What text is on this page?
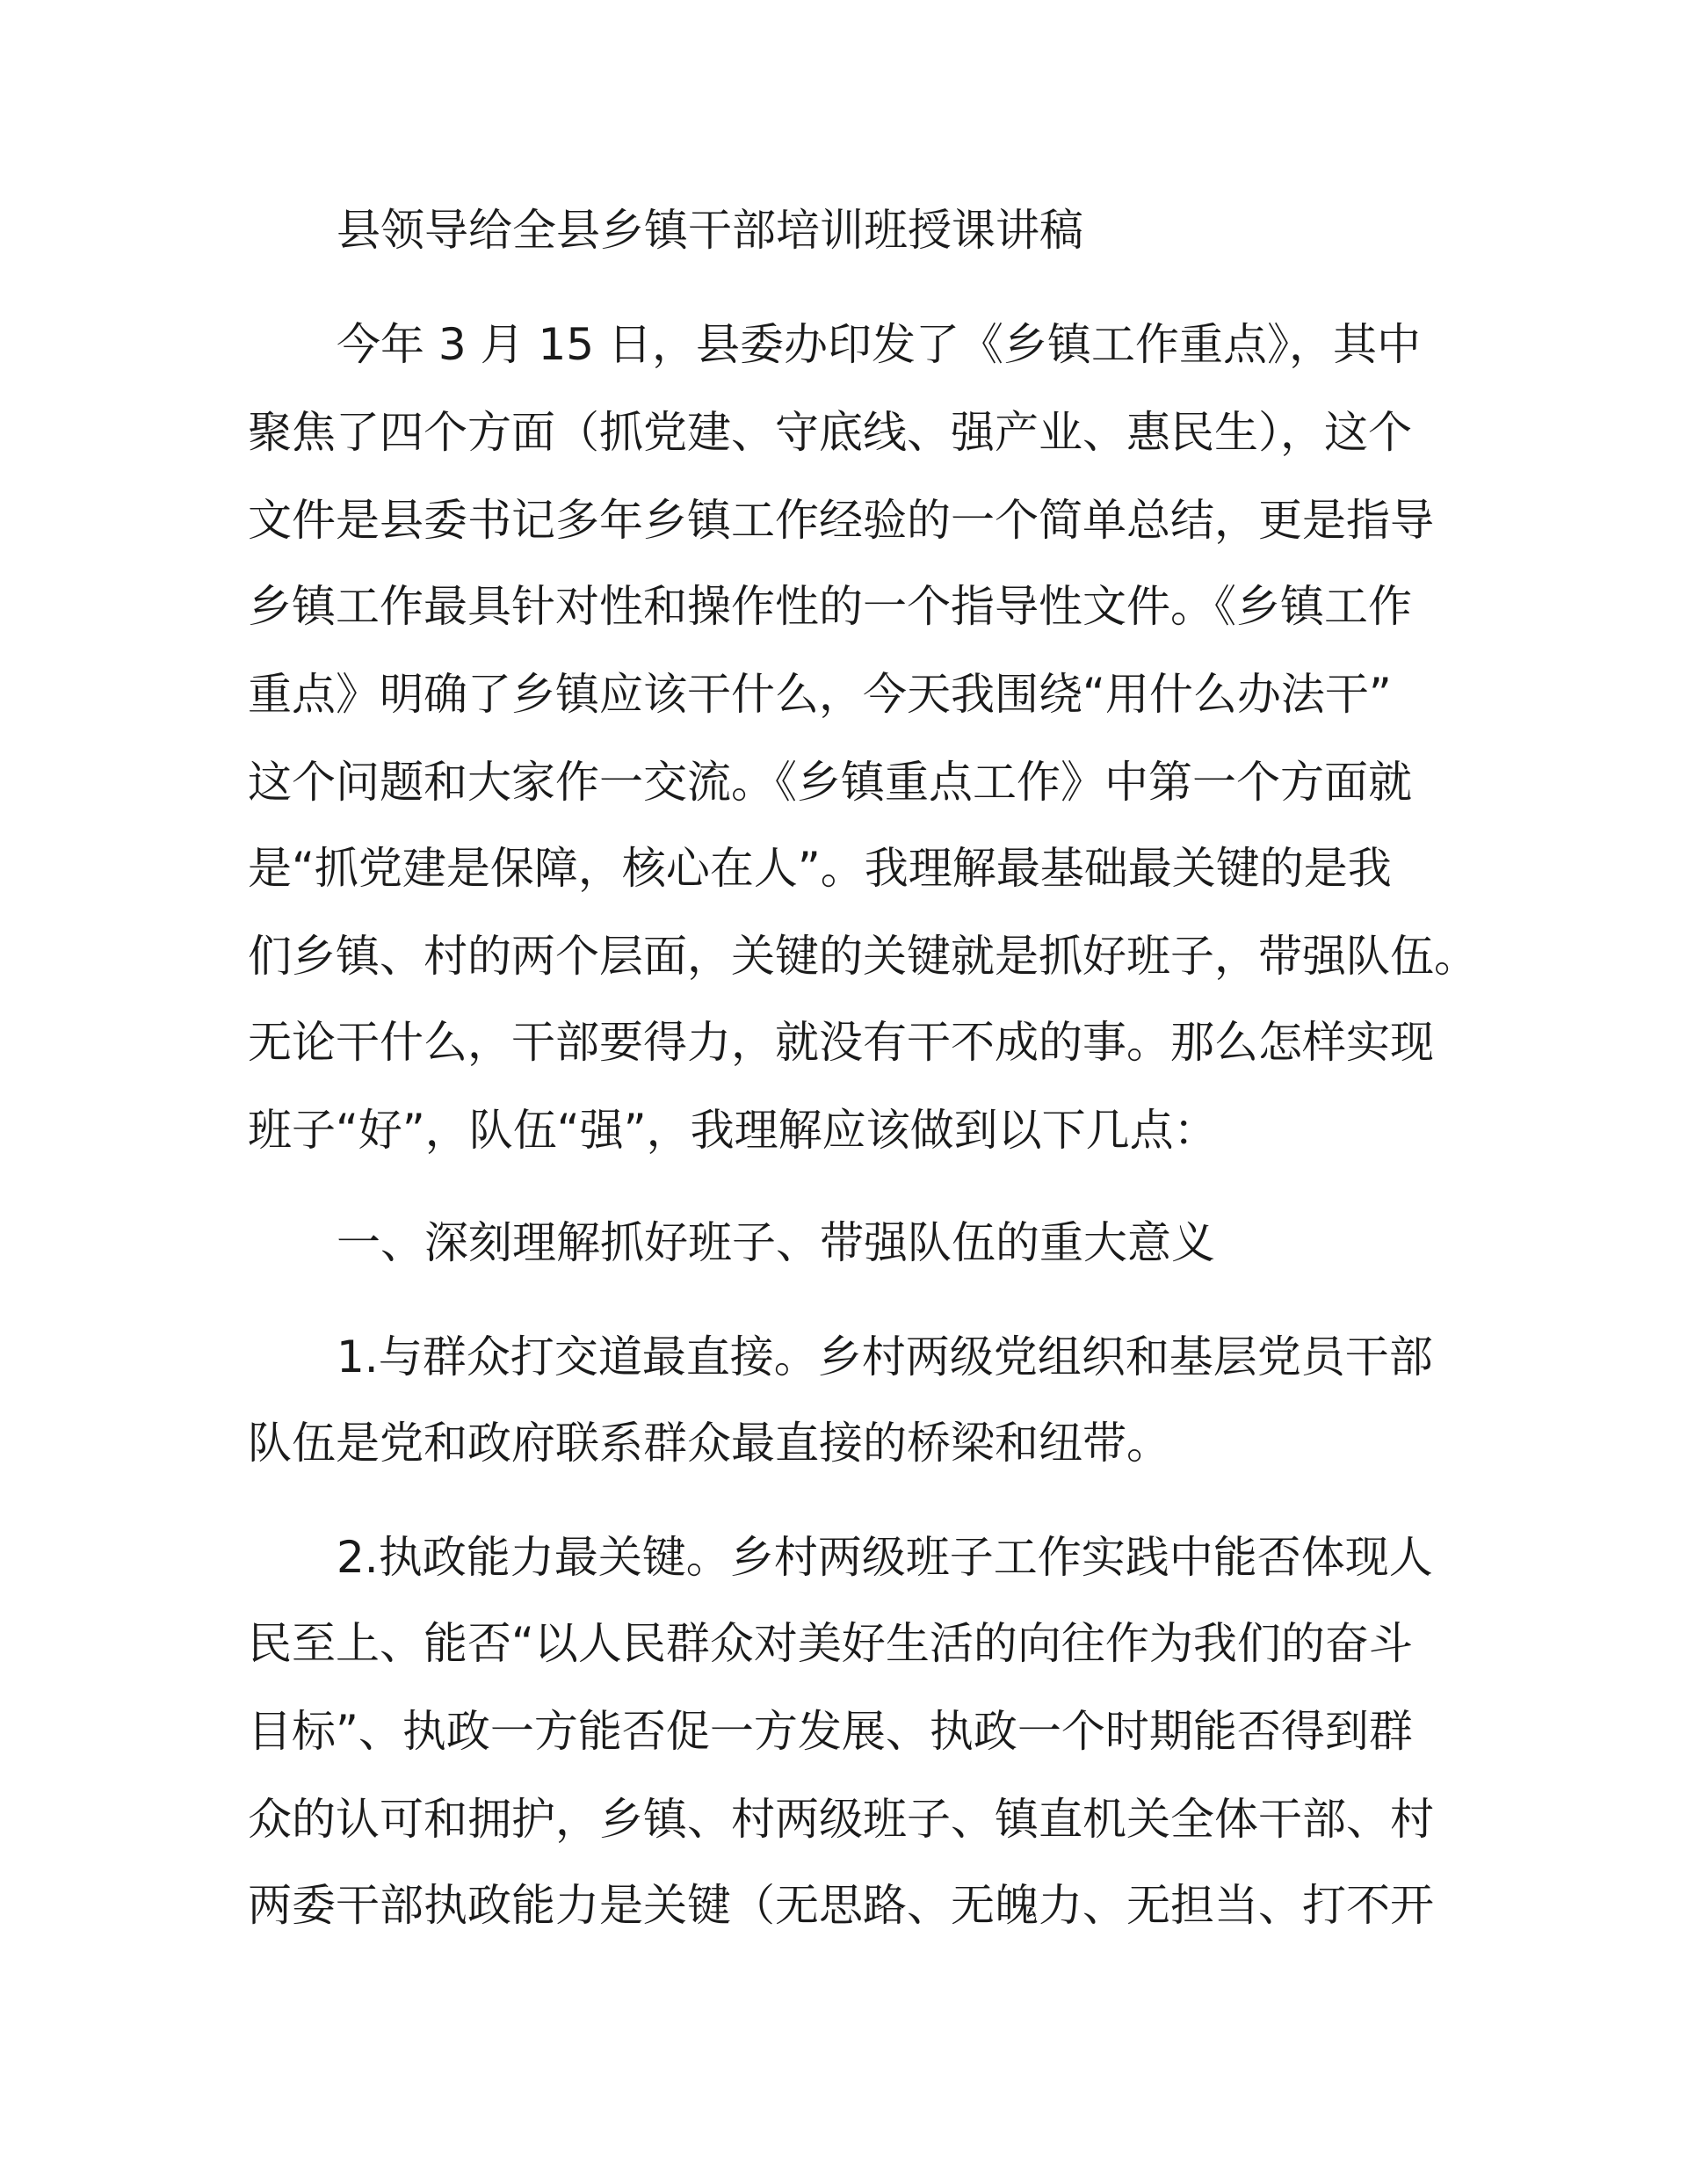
县领导给全县乡镇干部培训班授课讲稿
今年 3 月 15 日，县委办印发了《乡镇工作重点》，其中
聚焦了四个方面（抓党建、守底线、强产业、惠民生），这个
文件是县委书记多年乡镇工作经验的一个简单总结，更是指导
乡镇工作最具针对性和操作性的一个指导性文件。《乡镇工作
重点》明确了乡镇应该干什么，今天我围绕“用什么办法干”
这个问题和大家作一交流。《乡镇重点工作》中第一个方面就
是“抓党建是保障，核心在人”。我理解最基础最关键的是我
们乡镇、村的两个层面，关键的关键就是抓好班子，带强队伍。
无论干什么，干部要得力，就没有干不成的事。那么怎样实现
班子“好”，队伍“强”，我理解应该做到以下几点：
一、深刻理解抓好班子、带强队伍的重大意义
1.与群众打交道最直接。乡村两级党组织和基层党员干部
队伍是党和政府联系群众最直接的桥梁和纽带。
2.执政能力最关键。乡村两级班子工作实践中能否体现人
民至上、能否“以人民群众对美好生活的向往作为我们的奋斗
目标”、执政一方能否促一方发展、执政一个时期能否得到群
众的认可和拥护，乡镇、村两级班子、镇直机关全体干部、村
两委干部执政能力是关键（无思路、无魄力、无担当、打不开
